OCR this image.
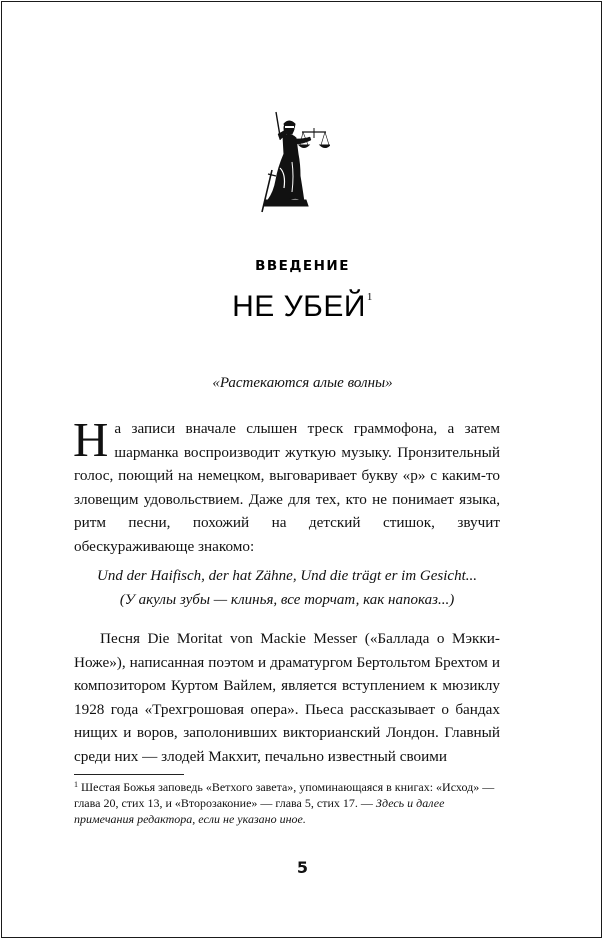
ВВЕДЕНИЕ
НЕ УБЕЙ$^1$
«Растекаются алые волны»

На записи вначале слышен треск граммофона, а затем шарманка воспроизводит жуткую музыку. Пронзительный голос, поющий на немецком, выговаривает букву «р» с каким-то зловещим удовольствием. Даже для тех, кто не понимает языка, ритм песни, похожий на детский стишок, звучит обескураживающе знакомо:

Und der Haifisch, der hat Zähne, Und die trägt er im Gesicht...
(У акулы зубы — клинья, все торчат, как напоказ...)

Песня Die Moritat von Mackie Messer («Баллада о Мэкки-Ноже»), написанная поэтом и драматургом Бертольтом Брехтом и композитором Куртом Вайлем, является вступлением к мюзиклу 1928 года «Трехгрошовая опера». Пьеса рассказывает о бандах нищих и воров, заполонивших викторианский Лондон. Главный среди них — злодей Макхит, печально известный своими

$^1$ Шестая Божья заповедь «Ветхого завета», упоминающаяся в книгах: «Исход» — глава 20, стих 13, и «Второзаконие» — глава 5, стих 17. — Здесь и далее примечания редактора, если не указано иное.

5
